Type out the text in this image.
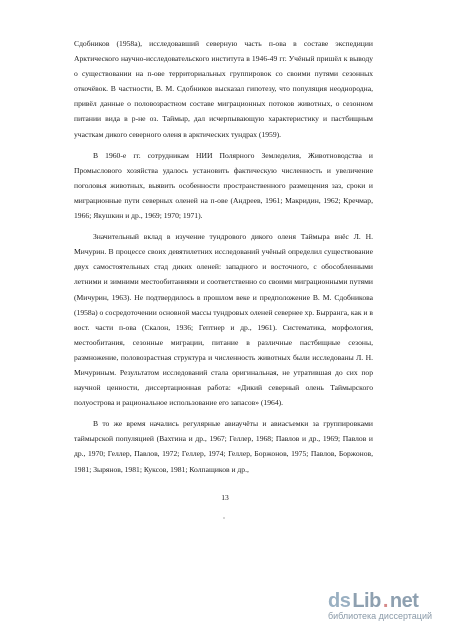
Сдобников (1958а), исследовавший северную часть п-ова в составе экспедиции Арктического научно-исследовательского института в 1946-49 гг. Учёный пришёл к выводу о существовании на п-ове территориальных группировок со своими путями сезонных откочёвок. В частности, В. М. Сдобников высказал гипотезу, что популяция неоднородна, привёл данные о половозрастном составе миграционных потоков животных, о сезонном питании вида в р-не оз. Таймыр, дал исчерпывающую характеристику и пастбищным участкам дикого северного оленя в арктических тундрах (1959).

В 1960-е гг. сотрудникам НИИ Полярного Земледелия, Животноводства и Промыслового хозяйства удалось установить фактическую численность и увеличение поголовья животных, выявить особенности пространственного размещения заз, сроки и миграционные пути северных оленей на п-ове (Андреев, 1961; Макридин, 1962; Кречмар, 1966; Якушкин и др., 1969; 1970; 1971).

Значительный вклад в изучение тундрового дикого оленя Таймыра внёс Л. Н. Мичурин. В процессе своих девятилетних исследований учёный определил существование двух самостоятельных стад диких оленей: западного и восточного, с обособленными летними и зимними местообитаниями и соответственно со своими миграционными путями (Мичурин, 1963). Не подтвердилось в прошлом веке и предположение В. М. Сдобникова (1958а) о сосредоточении основной массы тундровых оленей севернее хр. Бырранга, как и в вост. части п-ова (Скалон, 1936; Гептнер и др., 1961). Систематика, морфология, местообитания, сезонные миграции, питание в различные пастбищные сезоны, размножение, половозрастная структура и численность животных были исследованы Л. Н. Мичуриным. Результатом исследований стала оригинальная, не утратившая до сих пор научной ценности, диссертационная работа: «Дикий северный олень Таймырского полуострова и рациональное использование его запасов» (1964).

В то же время начались регулярные авиаучёты и авиасъемки за группировками таймырской популяцией (Вахтина и др., 1967; Геллер, 1968; Павлов и др., 1969; Павлов и др., 1970; Геллер, Павлов, 1972; Геллер, 1974; Геллер, Боржонов, 1975; Павлов, Боржонов, 1981; Зырянов, 1981; Куксов, 1981; Колпащиков и др.,

13
ds Lib . net
библиотека диссертаций
